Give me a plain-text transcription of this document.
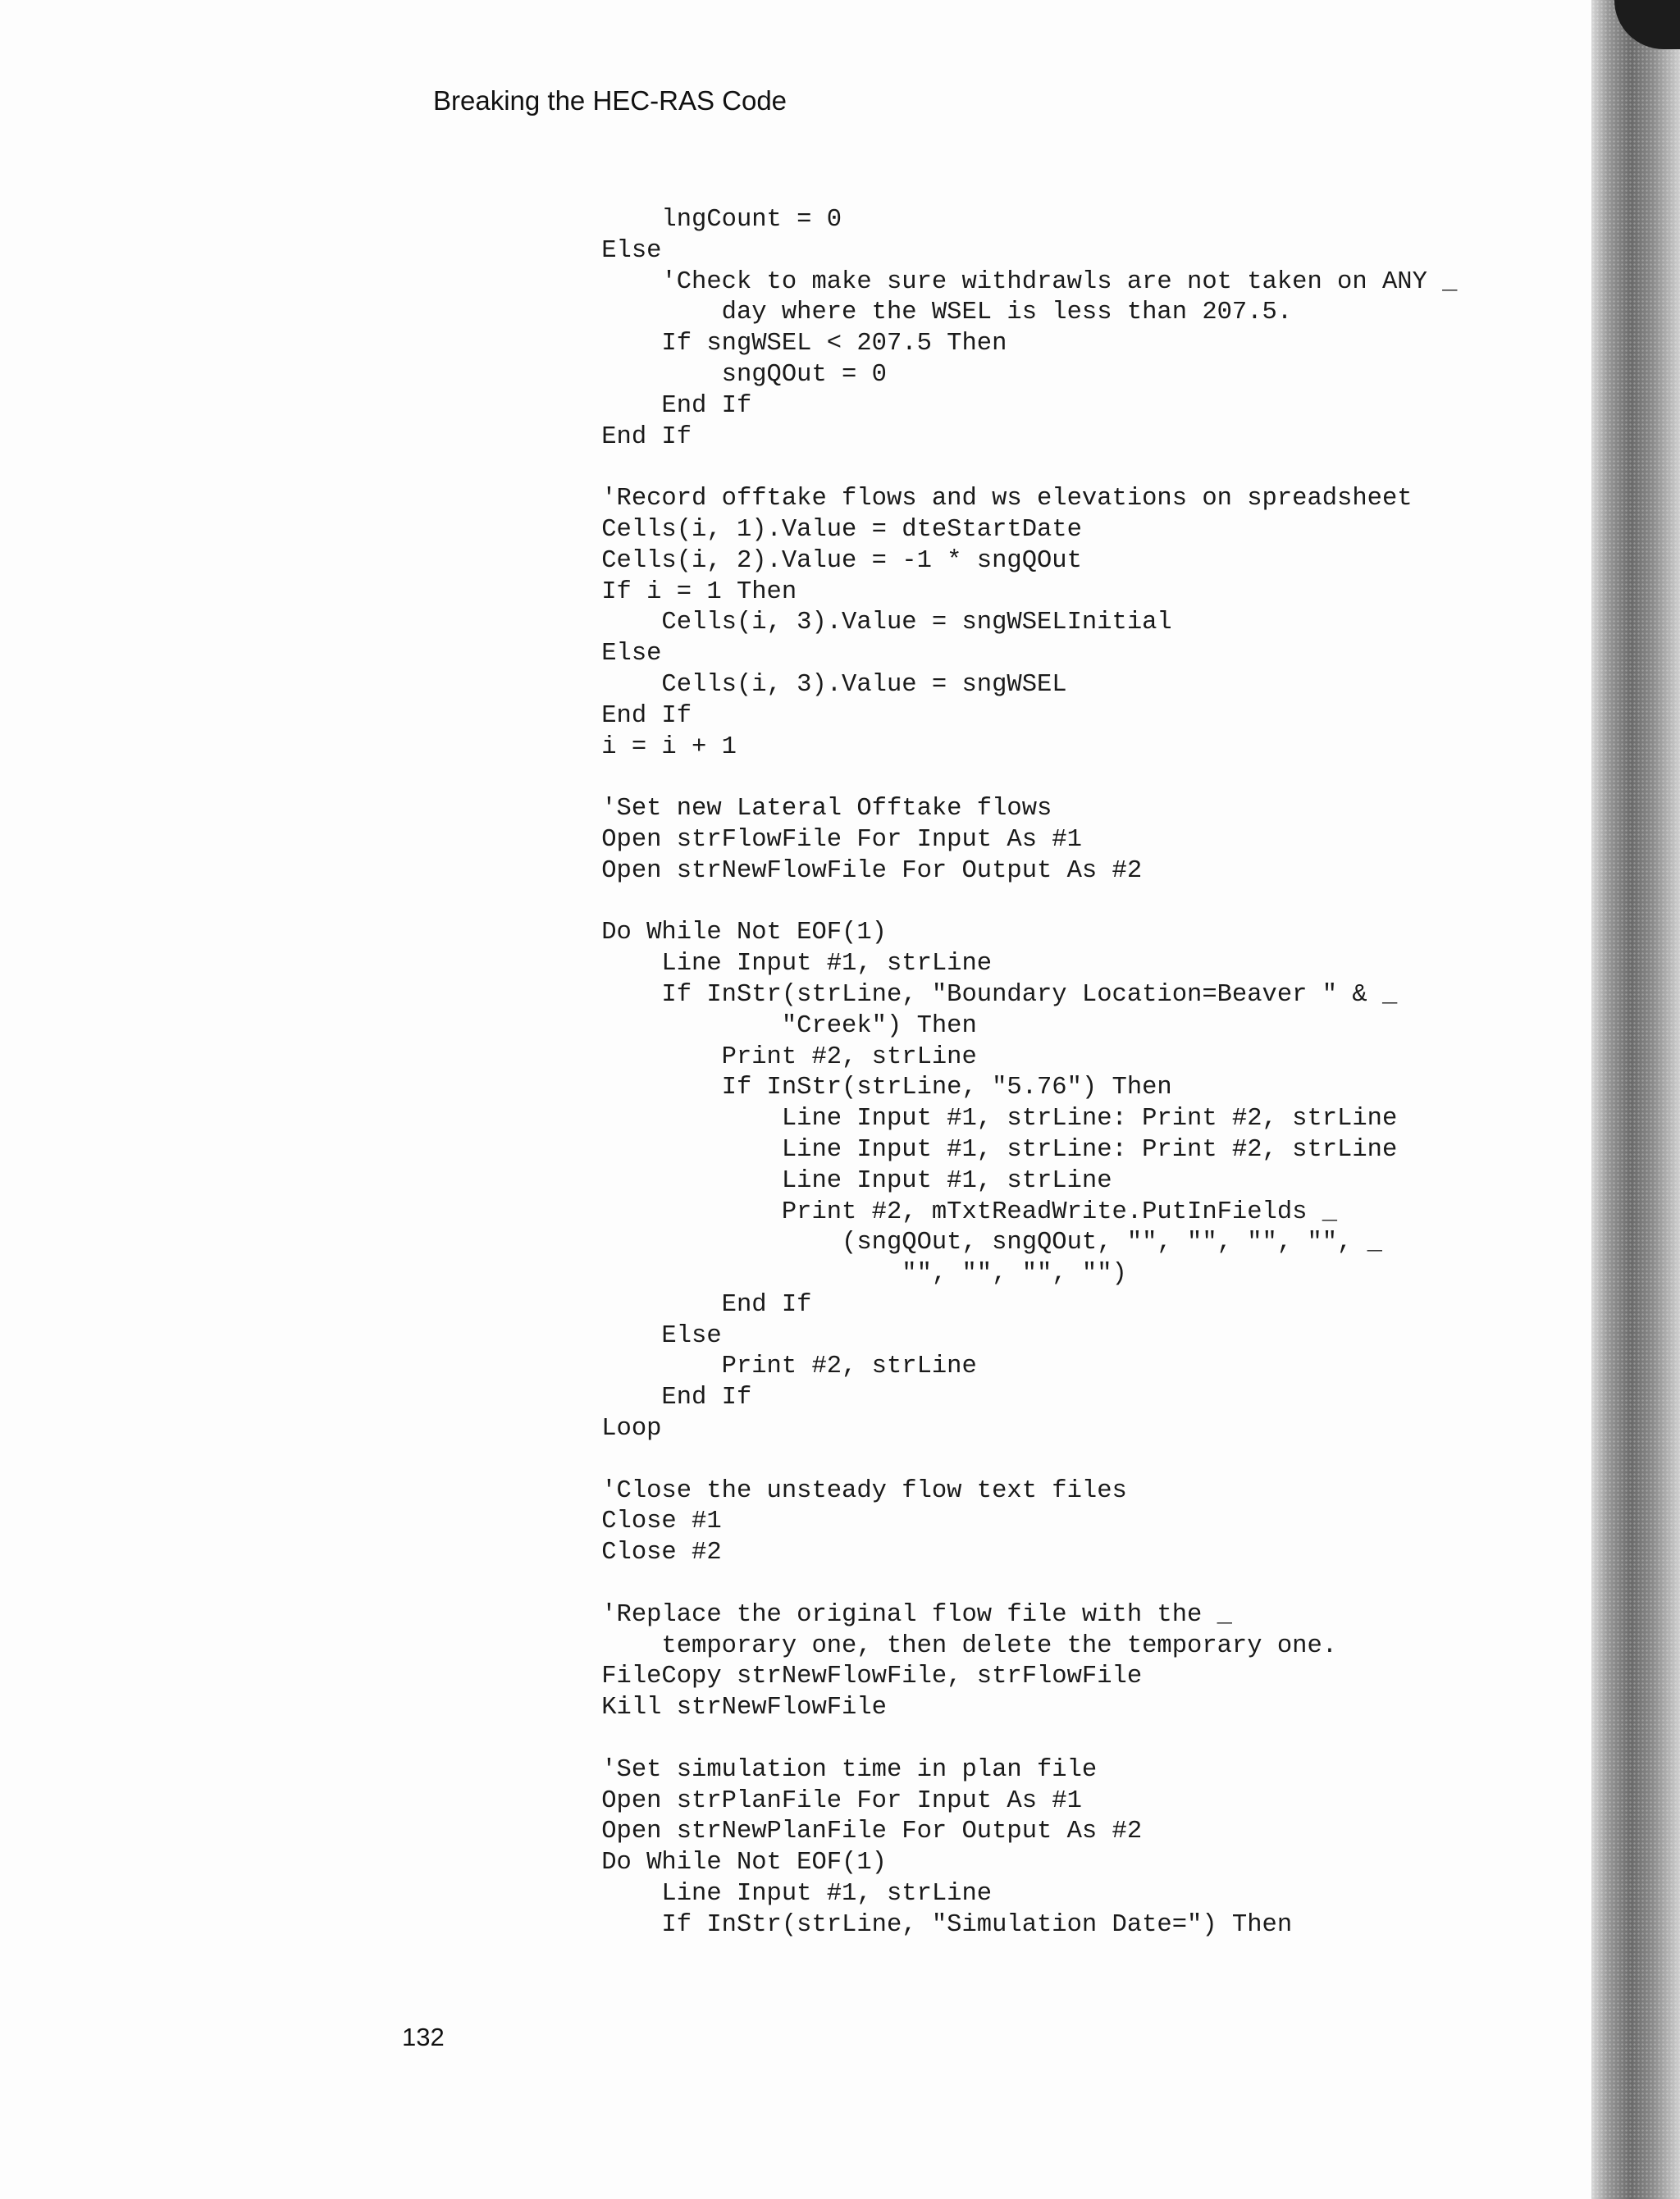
Breaking the HEC-RAS Code
lngCount = 0
Else
'Check to make sure withdrawls are not taken on ANY _
day where the WSEL is less than 207.5.
If sngWSEL < 207.5 Then
sngQOut = 0
End If
End If

'Record offtake flows and ws elevations on spreadsheet
Cells(i, 1).Value = dteStartDate
Cells(i, 2).Value = -1 * sngQOut
If i = 1 Then
Cells(i, 3).Value = sngWSELInitial
Else
Cells(i, 3).Value = sngWSEL
End If
i = i + 1

'Set new Lateral Offtake flows
Open strFlowFile For Input As #1
Open strNewFlowFile For Output As #2

Do While Not EOF(1)
Line Input #1, strLine
If InStr(strLine, "Boundary Location=Beaver " & _
"Creek") Then
Print #2, strLine
If InStr(strLine, "5.76") Then
Line Input #1, strLine: Print #2, strLine
Line Input #1, strLine: Print #2, strLine
Line Input #1, strLine
Print #2, mTxtReadWrite.PutInFields _
(sngQOut, sngQOut, "", "", "", "", _
"", "", "", "")
End If
Else
Print #2, strLine
End If
Loop

'Close the unsteady flow text files
Close #1
Close #2

'Replace the original flow file with the _
temporary one, then delete the temporary one.
FileCopy strNewFlowFile, strFlowFile
Kill strNewFlowFile

'Set simulation time in plan file
Open strPlanFile For Input As #1
Open strNewPlanFile For Output As #2
Do While Not EOF(1)
Line Input #1, strLine
If InStr(strLine, "Simulation Date=") Then
132
